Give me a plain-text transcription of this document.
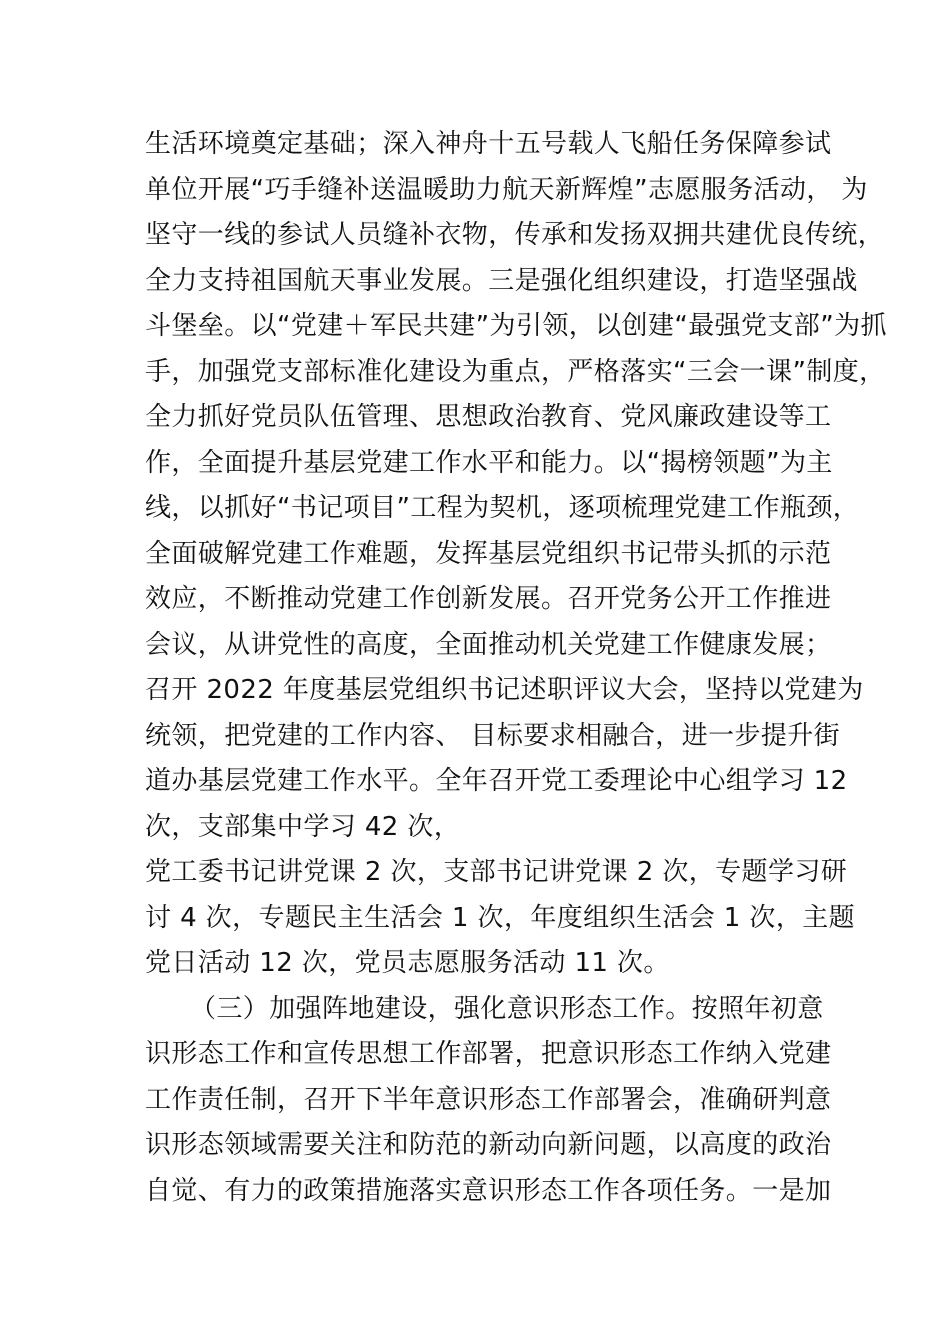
生活环境奠定基础；深入神舟十五号载人飞船任务保障参试
单位开展“巧手缝补送温暖助力航天新辉煌”志愿服务活动， 为
坚守一线的参试人员缝补衣物，传承和发扬双拥共建优良传统，
全力支持祖国航天事业发展。三是强化组织建设，打造坚强战
斗堡垒。以“党建＋军民共建”为引领，以创建“最强党支部”为抓
手，加强党支部标准化建设为重点，严格落实“三会一课”制度，
全力抓好党员队伍管理、思想政治教育、党风廉政建设等工
作，全面提升基层党建工作水平和能力。以“揭榜领题”为主
线，以抓好“书记项目”工程为契机，逐项梳理党建工作瓶颈，
全面破解党建工作难题，发挥基层党组织书记带头抓的示范
效应，不断推动党建工作创新发展。召开党务公开工作推进
会议，从讲党性的高度，全面推动机关党建工作健康发展；
召开 2022 年度基层党组织书记述职评议大会，坚持以党建为
统领，把党建的工作内容、 目标要求相融合，进一步提升街
道办基层党建工作水平。全年召开党工委理论中心组学习 12
次，支部集中学习 42 次，
党工委书记讲党课 2 次，支部书记讲党课 2 次，专题学习研
讨 4 次，专题民主生活会 1 次，年度组织生活会 1 次，主题
党日活动 12 次，党员志愿服务活动 11 次。
（三）加强阵地建设，强化意识形态工作。按照年初意
识形态工作和宣传思想工作部署，把意识形态工作纳入党建
工作责任制，召开下半年意识形态工作部署会，准确研判意
识形态领域需要关注和防范的新动向新问题，以高度的政治
自觉、有力的政策措施落实意识形态工作各项任务。一是加
